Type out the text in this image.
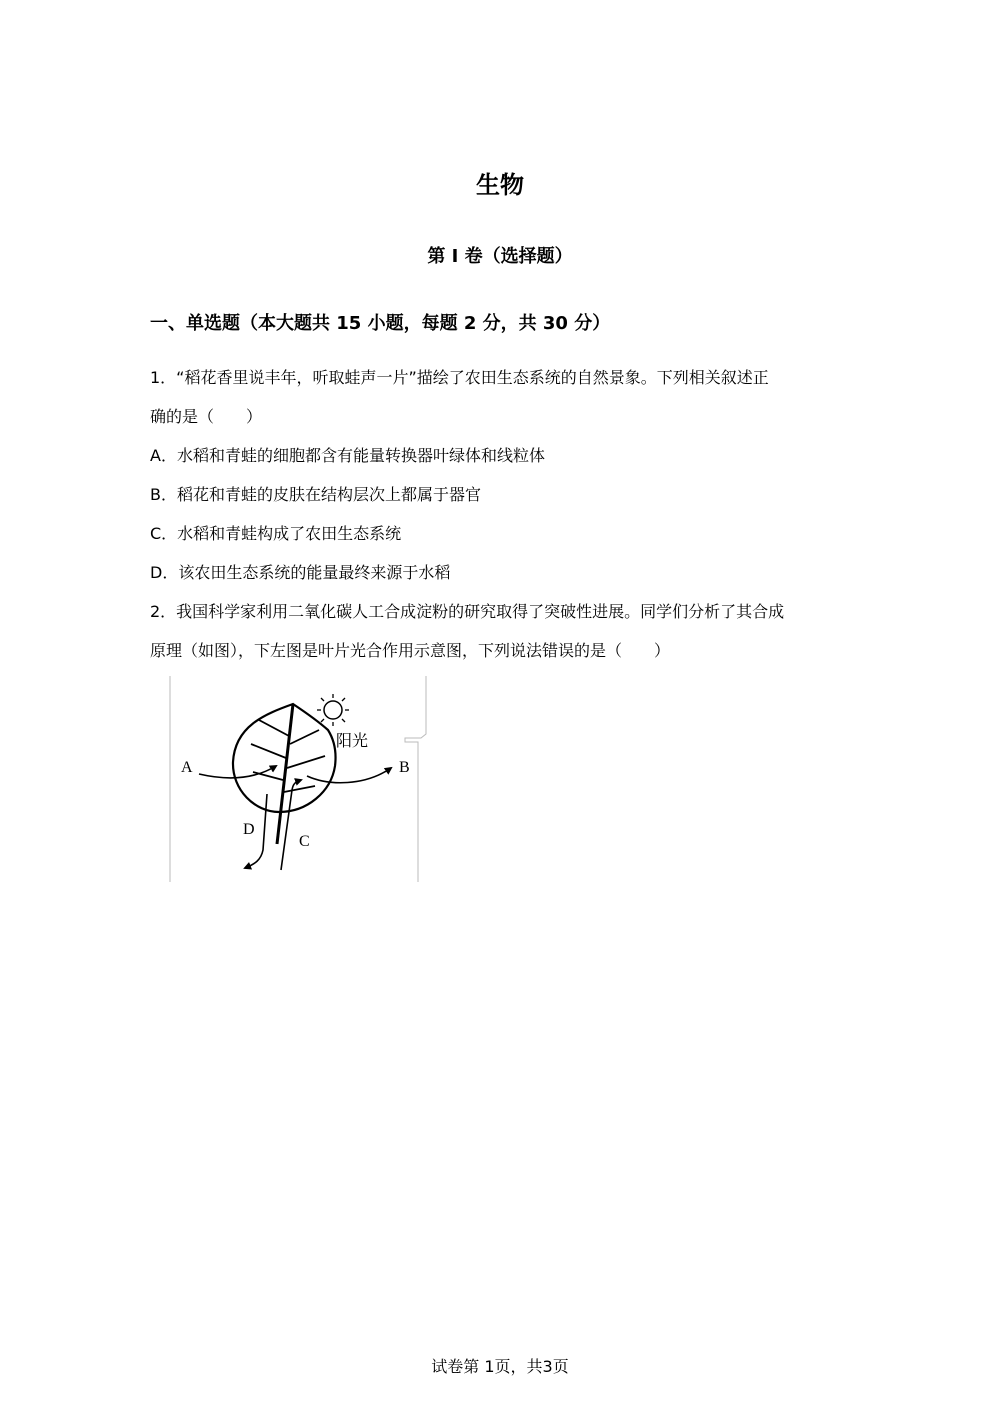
生物
第 I 卷（选择题）
一、单选题（本大题共 15 小题，每题 2 分，共 30 分）
1．“稻花香里说丰年，听取蛙声一片”描绘了农田生态系统的自然景象。下列相关叙述正
确的是（　　）
A．水稻和青蛙的细胞都含有能量转换器叶绿体和线粒体
B．稻花和青蛙的皮肤在结构层次上都属于器官
C．水稻和青蛙构成了农田生态系统
D．该农田生态系统的能量最终来源于水稻
2．我国科学家利用二氧化碳人工合成淀粉的研究取得了突破性进展。同学们分析了其合成
原理（如图），下左图是叶片光合作用示意图，下列说法错误的是（　　）
阳光
A	B
C
D
试卷第 1页，共3页
